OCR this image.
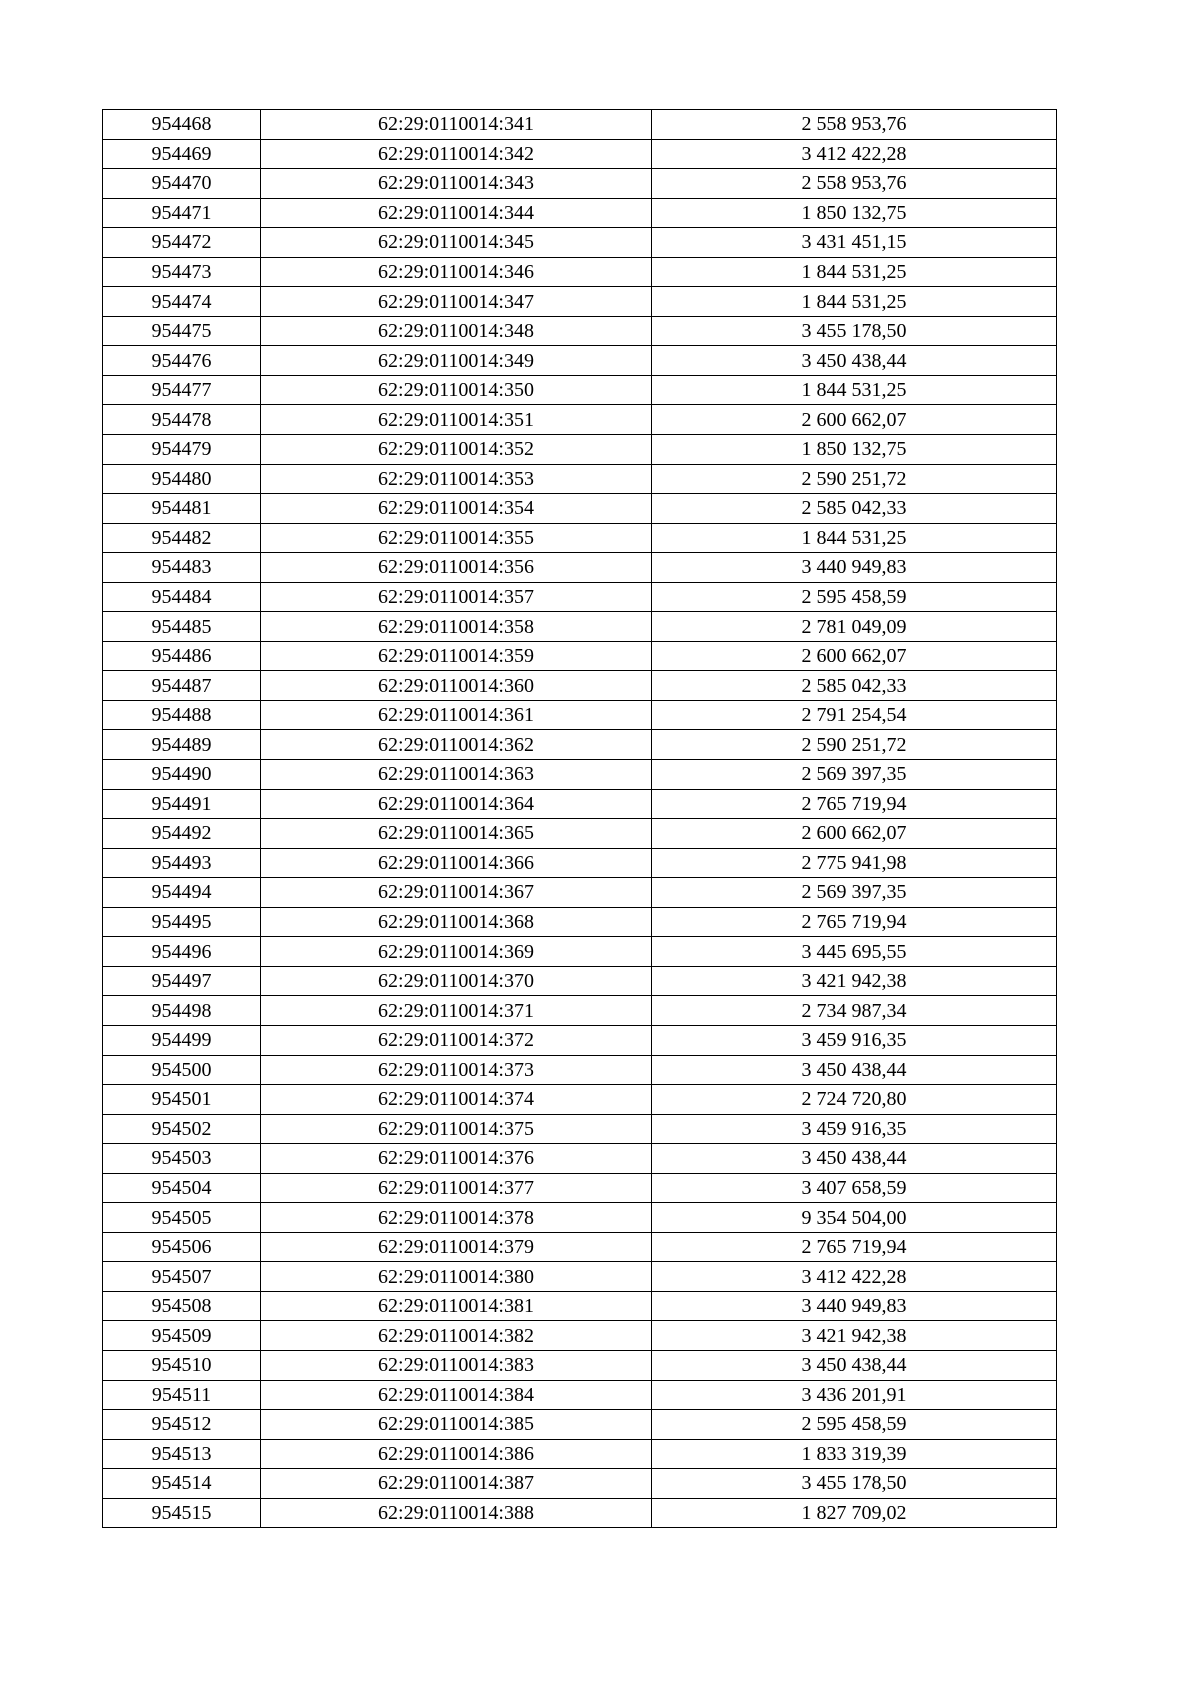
954468	62:29:0110014:341	2 558 953,76
954469	62:29:0110014:342	3 412 422,28
954470	62:29:0110014:343	2 558 953,76
954471	62:29:0110014:344	1 850 132,75
954472	62:29:0110014:345	3 431 451,15
954473	62:29:0110014:346	1 844 531,25
954474	62:29:0110014:347	1 844 531,25
954475	62:29:0110014:348	3 455 178,50
954476	62:29:0110014:349	3 450 438,44
954477	62:29:0110014:350	1 844 531,25
954478	62:29:0110014:351	2 600 662,07
954479	62:29:0110014:352	1 850 132,75
954480	62:29:0110014:353	2 590 251,72
954481	62:29:0110014:354	2 585 042,33
954482	62:29:0110014:355	1 844 531,25
954483	62:29:0110014:356	3 440 949,83
954484	62:29:0110014:357	2 595 458,59
954485	62:29:0110014:358	2 781 049,09
954486	62:29:0110014:359	2 600 662,07
954487	62:29:0110014:360	2 585 042,33
954488	62:29:0110014:361	2 791 254,54
954489	62:29:0110014:362	2 590 251,72
954490	62:29:0110014:363	2 569 397,35
954491	62:29:0110014:364	2 765 719,94
954492	62:29:0110014:365	2 600 662,07
954493	62:29:0110014:366	2 775 941,98
954494	62:29:0110014:367	2 569 397,35
954495	62:29:0110014:368	2 765 719,94
954496	62:29:0110014:369	3 445 695,55
954497	62:29:0110014:370	3 421 942,38
954498	62:29:0110014:371	2 734 987,34
954499	62:29:0110014:372	3 459 916,35
954500	62:29:0110014:373	3 450 438,44
954501	62:29:0110014:374	2 724 720,80
954502	62:29:0110014:375	3 459 916,35
954503	62:29:0110014:376	3 450 438,44
954504	62:29:0110014:377	3 407 658,59
954505	62:29:0110014:378	9 354 504,00
954506	62:29:0110014:379	2 765 719,94
954507	62:29:0110014:380	3 412 422,28
954508	62:29:0110014:381	3 440 949,83
954509	62:29:0110014:382	3 421 942,38
954510	62:29:0110014:383	3 450 438,44
954511	62:29:0110014:384	3 436 201,91
954512	62:29:0110014:385	2 595 458,59
954513	62:29:0110014:386	1 833 319,39
954514	62:29:0110014:387	3 455 178,50
954515	62:29:0110014:388	1 827 709,02
